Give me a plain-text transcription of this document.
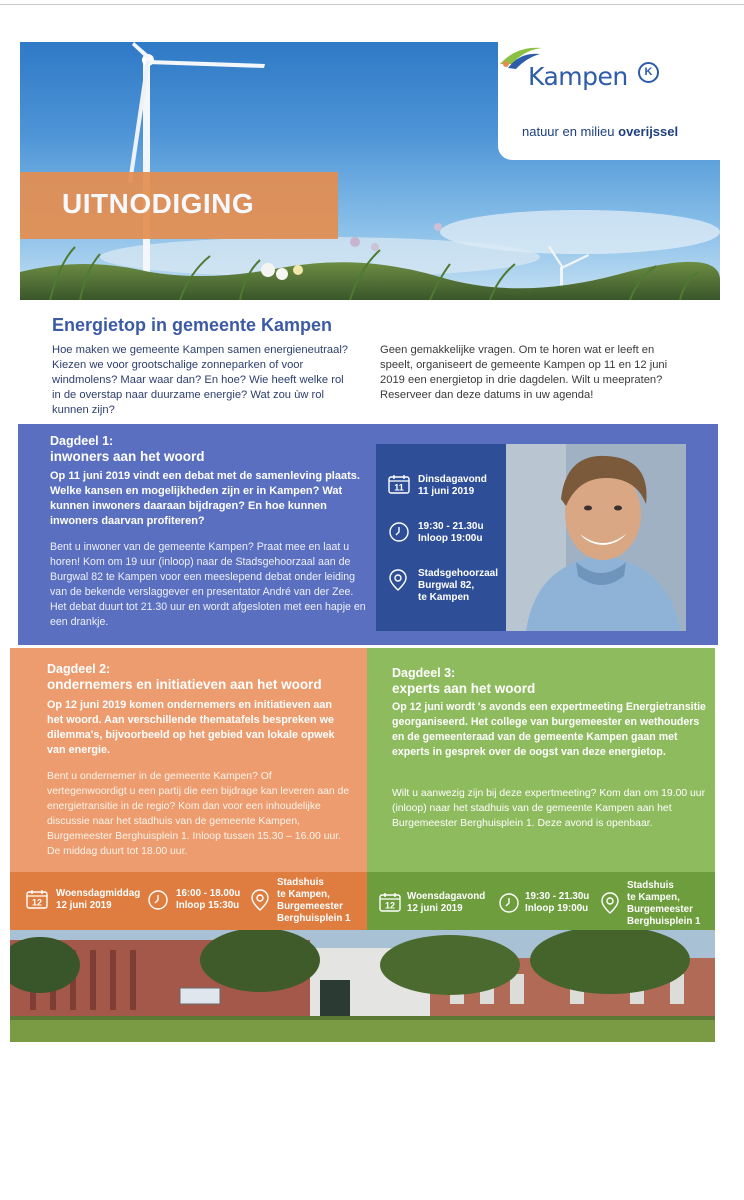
Kampen	K
natuur en milieu overijssel
UITNODIGING
Energietop in gemeente Kampen
Hoe maken we gemeente Kampen samen energieneutraal? Kiezen we voor grootschalige zonneparken of voor windmolens? Maar waar dan? En hoe? Wie heeft welke rol in de overstap naar duurzame energie? Wat zou ùw rol kunnen zijn?
Geen gemakkelijke vragen. Om te horen wat er leeft en speelt, organiseert de gemeente Kampen op 11 en 12 juni 2019 een energietop in drie dagdelen. Wilt u meepraten? Reserveer dan deze datums in uw agenda!
Dagdeel 1:
inwoners aan het woord
Op 11 juni 2019 vindt een debat met de samenleving plaats. Welke kansen en mogelijkheden zijn er in Kampen? Wat kunnen inwoners daaraan bijdragen? En hoe kunnen inwoners daarvan profiteren?
Bent u inwoner van de gemeente Kampen? Praat mee en laat u horen! Kom om 19 uur (inloop) naar de Stadsgehoorzaal aan de Burgwal 82 te Kampen voor een meeslepend debat onder leiding van de bekende verslaggever en presentator André van der Zee. Het debat duurt tot 21.30 uur en wordt afgesloten met een hapje en een drankje.
11
Dinsdagavond
11 juni 2019
19:30 - 21.30u
Inloop 19:00u
Stadsgehoorzaal
Burgwal 82,
te Kampen
Dagdeel 2:
ondernemers en initiatieven aan het woord
Op 12 juni 2019 komen ondernemers en initiatieven aan het woord. Aan verschillende thematafels bespreken we dilemma's, bijvoorbeeld op het gebied van lokale opwek van energie.
Bent u ondernemer in de gemeente Kampen? Of vertegenwoordigt u een partij die een bijdrage kan leveren aan de energietransitie in de regio? Kom dan voor een inhoudelijke discussie naar het stadhuis van de gemeente Kampen, Burgemeester Berghuisplein 1. Inloop tussen 15.30 – 16.00 uur. De middag duurt tot 18.00 uur.
Dagdeel 3:
experts aan het woord
Op 12 juni wordt 's avonds een expertmeeting Energietransitie georganiseerd. Het college van burgemeester en wethouders en de gemeenteraad van de gemeente Kampen gaan met experts in gesprek over de oogst van deze energietop.
Wilt u aanwezig zijn bij deze expertmeeting? Kom dan om 19.00 uur (inloop) naar het stadhuis van de gemeente Kampen aan het Burgemeester Berghuisplein 1. Deze avond is openbaar.
12
Woensdagmiddag
12 juni 2019
16:00 - 18.00u
Inloop 15:30u
Stadshuis
te Kampen,
Burgemeester
Berghuisplein 1
12
Woensdagavond
12 juni 2019
19:30 - 21.30u
Inloop 19:00u
Stadshuis
te Kampen,
Burgemeester
Berghuisplein 1
